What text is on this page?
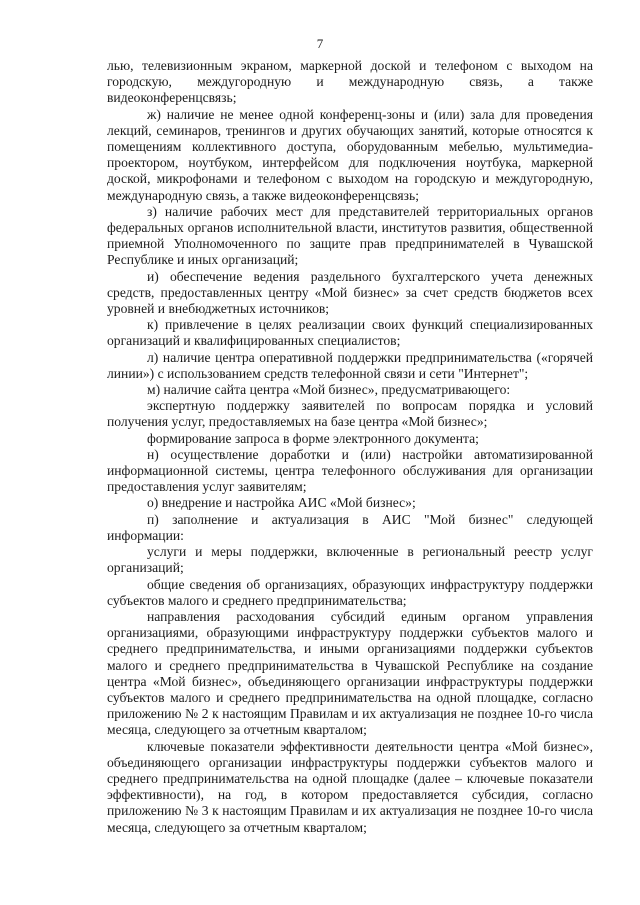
7

лью, телевизионным экраном, маркерной доской и телефоном с выходом на городскую, междугородную и международную связь, а также видеоконференцсвязь;

ж) наличие не менее одной конференц-зоны и (или) зала для проведения лекций, семинаров, тренингов и других обучающих занятий, которые относятся к помещениям коллективного доступа, оборудованным мебелью, мультимедиа-проектором, ноутбуком, интерфейсом для подключения ноутбука, маркерной доской, микрофонами и телефоном с выходом на городскую и междугородную, международную связь, а также видеоконференцсвязь;

з) наличие рабочих мест для представителей территориальных органов федеральных органов исполнительной власти, институтов развития, общественной приемной Уполномоченного по защите прав предпринимателей в Чувашской Республике и иных организаций;

и) обеспечение ведения раздельного бухгалтерского учета денежных средств, предоставленных центру «Мой бизнес» за счет средств бюджетов всех уровней и внебюджетных источников;

к) привлечение в целях реализации своих функций специализированных организаций и квалифицированных специалистов;

л) наличие центра оперативной поддержки предпринимательства («горячей линии») с использованием средств телефонной связи и сети "Интернет";

м) наличие сайта центра «Мой бизнес», предусматривающего:

экспертную поддержку заявителей по вопросам порядка и условий получения услуг, предоставляемых на базе центра «Мой бизнес»;

формирование запроса в форме электронного документа;

н) осуществление доработки и (или) настройки автоматизированной информационной системы, центра телефонного обслуживания для организации предоставления услуг заявителям;

о) внедрение и настройка АИС «Мой бизнес»;

п) заполнение и актуализация в АИС "Мой бизнес" следующей информации:

услуги и меры поддержки, включенные в региональный реестр услуг организаций;

общие сведения об организациях, образующих инфраструктуру поддержки субъектов малого и среднего предпринимательства;

направления расходования субсидий единым органом управления организациями, образующими инфраструктуру поддержки субъектов малого и среднего предпринимательства, и иными организациями поддержки субъектов малого и среднего предпринимательства в Чувашской Республике на создание центра «Мой бизнес», объединяющего организации инфраструктуры поддержки субъектов малого и среднего предпринимательства на одной площадке, согласно приложению № 2 к настоящим Правилам и их актуализация не позднее 10-го числа месяца, следующего за отчетным кварталом;

ключевые показатели эффективности деятельности центра «Мой бизнес», объединяющего организации инфраструктуры поддержки субъектов малого и среднего предпринимательства на одной площадке (далее – ключевые показатели эффективности), на год, в котором предоставляется субсидия, согласно приложению № 3 к настоящим Правилам и их актуализация не позднее 10-го числа месяца, следующего за отчетным кварталом;
